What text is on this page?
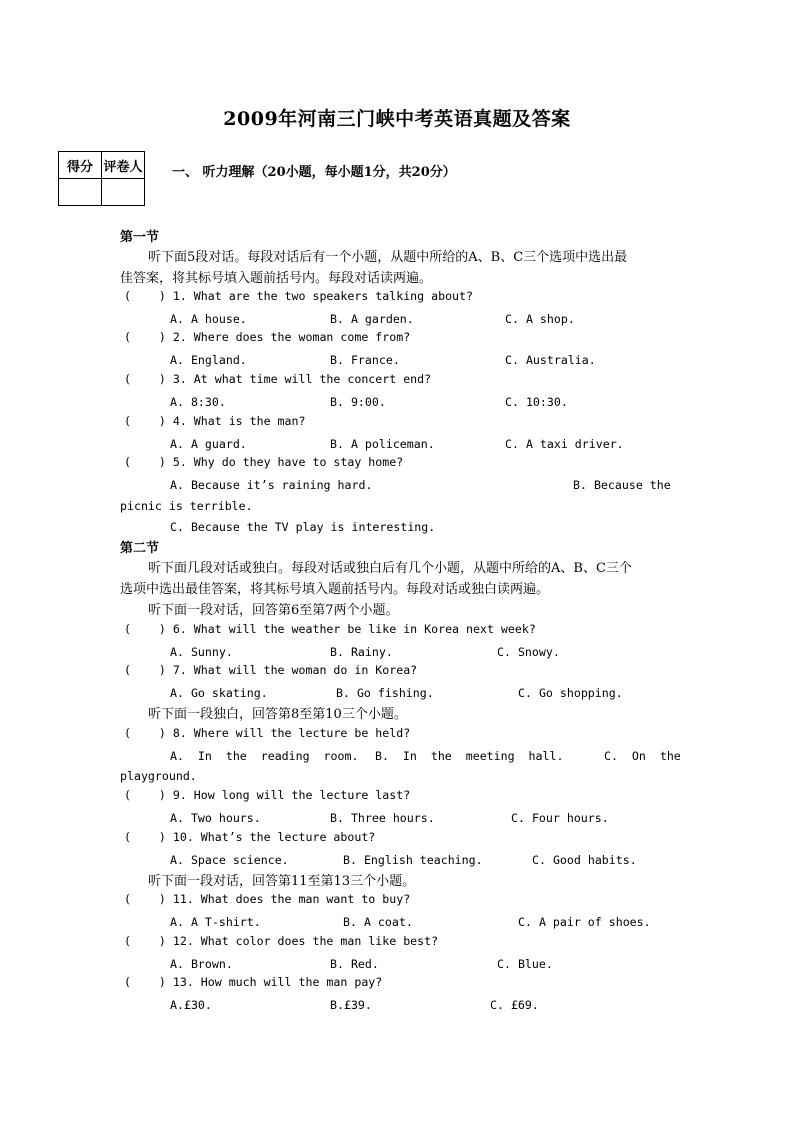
2009年河南三门峡中考英语真题及答案
得分	评卷人
	一、 听力理解（20小题，每小题1分，共20分）
第一节
听下面5段对话。每段对话后有一个小题，从题中所给的A、B、C三个选项中选出最
佳答案，将其标号填入题前括号内。每段对话读两遍。
(    ) 1. What are the two speakers talking about?
A. A house.	B. A garden.	C. A shop.
(    ) 2. Where does the woman come from?
A. England.	B. France.	C. Australia.
(    ) 3. At what time will the concert end?
A. 8:30.	B. 9:00.	C. 10:30.
(    ) 4. What is the man?
A. A guard.	B. A policeman.	C. A taxi driver.
(    ) 5. Why do they have to stay home?
A. Because it’s raining hard.	B. Because the
picnic is terrible.
C. Because the TV play is interesting.
第二节
听下面几段对话或独白。每段对话或独白后有几个小题，从题中所给的A、B、C三个
选项中选出最佳答案，将其标号填入题前括号内。每段对话或独白读两遍。
听下面一段对话，回答第6至第7两个小题。
(    ) 6. What will the weather be like in Korea next week?
A. Sunny.	B. Rainy.	C. Snowy.
(    ) 7. What will the woman do in Korea?
A. Go skating.	B. Go fishing.	C. Go shopping.
听下面一段独白，回答第8至第10三个小题。
(    ) 8. Where will the lecture be held?
A.  In  the  reading  room. B.  In  the  meeting  hall.	C.  On  the
playground.
(    ) 9. How long will the lecture last?
A. Two hours.	B. Three hours.	C. Four hours.
(    ) 10. What’s the lecture about?
A. Space science.	B. English teaching.	C. Good habits.
听下面一段对话，回答第11至第13三个小题。
(    ) 11. What does the man want to buy?
A. A T-shirt.	B. A coat.	C. A pair of shoes.
(    ) 12. What color does the man like best?
A. Brown.	B. Red.	C. Blue.
(    ) 13. How much will the man pay?
A.£30.	B.£39.	C. £69.
